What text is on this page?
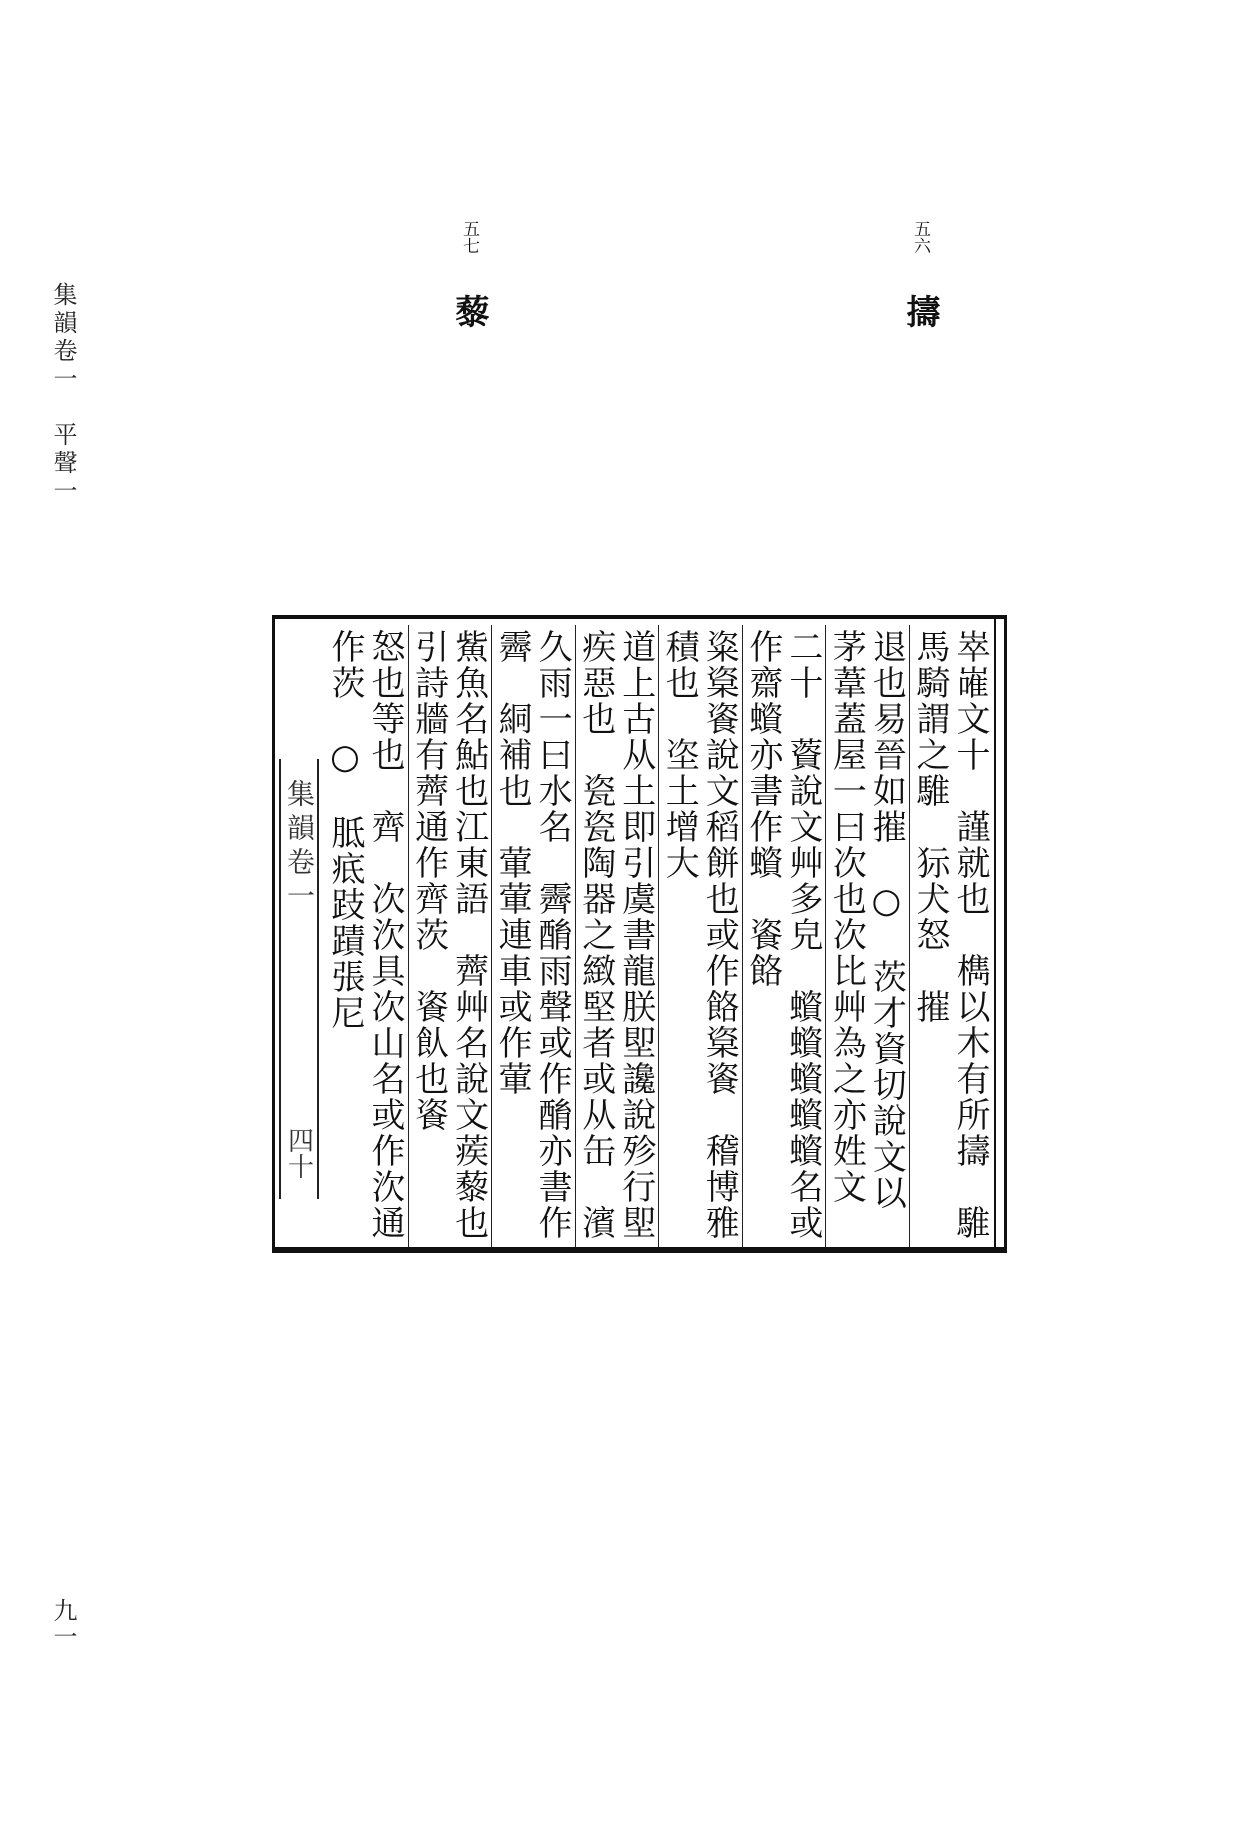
集韻卷一　平聲一
五六 擣
五七 藜
集韻卷一
四十	崒嶉文十　謹就也　檇以木有所擣　騅馬騎謂之騅　狋犬怒　摧
退也易晉如摧　○　茨才資切說文以茅葦蓋屋一曰次也次比艸為之亦姓文
二十　薋說文艸多皃　蠀蠀蠀蠀蠀名或作齋蠀亦書作蠀　餈餎
粢楶餈說文稻餅也或作餎楶餈　稽博雅積也　垐土增大
道上古从土即引虞書龍朕堲讒說殄行堲疾惡也　瓷瓷陶器之緻堅者或从缶　濱
久雨一曰水名　霽酳雨聲或作酳亦書作霽　絧補也　葷葷連車或作葷
鮆魚名鮎也江東語　薺艸名說文蒺藜也引詩牆有薺通作齊茨　餈飤也餈
怒也等也　齊　次㳄具次山名或作㳄通作茨　○　胝疷跂蹟張尼
九一
